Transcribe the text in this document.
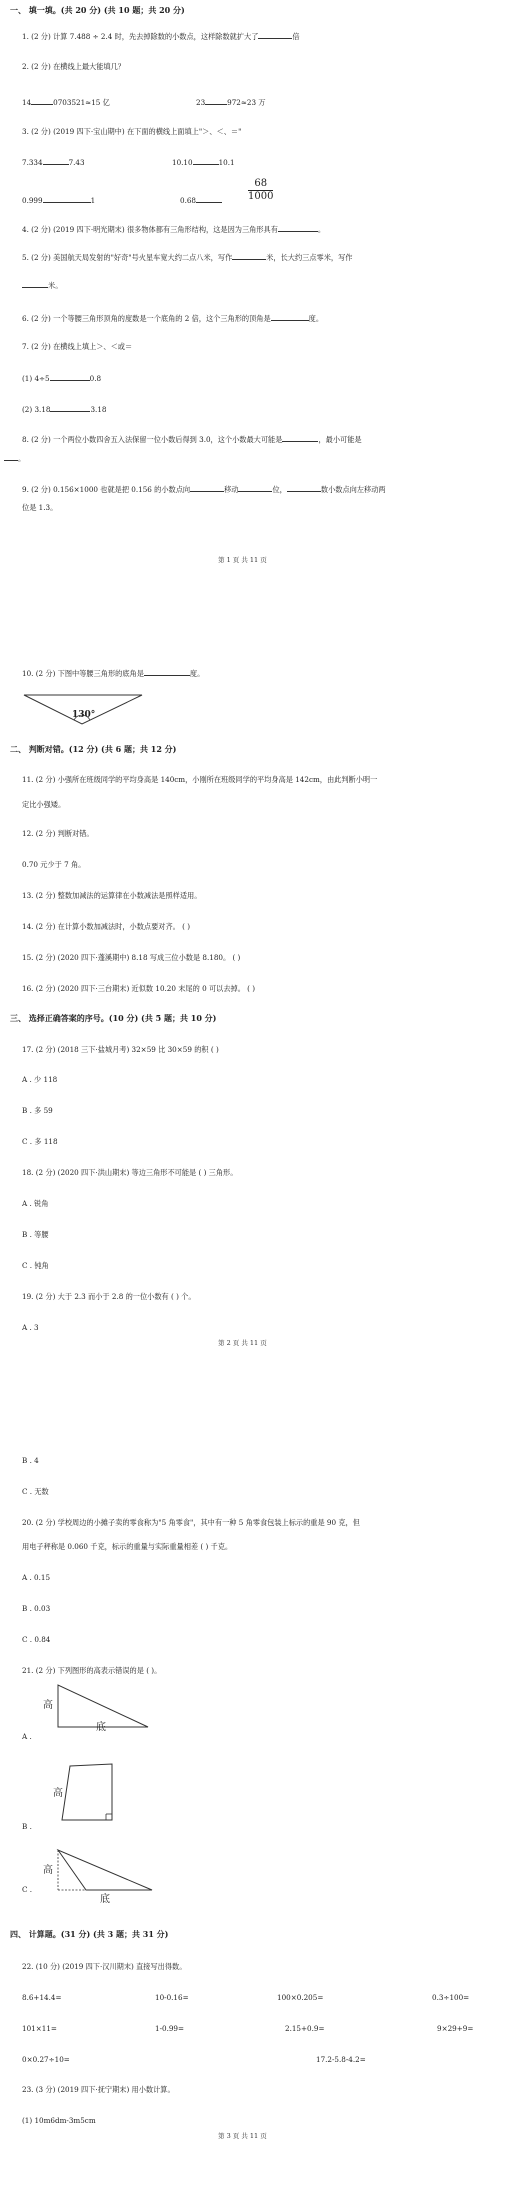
一、 填一填。(共 20 分) (共 10 题；共 20 分)
1. (2 分) 计算 7.488 ÷ 2.4 时，先去掉除数的小数点，这样除数就扩大了	倍
2. (2 分) 在横线上最大能填几？
14	0703521≈15 亿	23	972≈23 万
3. (2 分) (2019 四下·宝山期中) 在下面的横线上面填上"＞、＜、＝"
7.334	7.43	10.10	10.1
0.999	1	0.68
68
1000
4. (2 分) (2019 四下·明光期末) 很多物体都有三角形结构，这是因为三角形具有	。
5. (2 分) 美国航天局发射的"好奇"号火星车宽大约二点八米，写作	米，长大约三点零米，写作
米。
6. (2 分) 一个等腰三角形顶角的度数是一个底角的 2 倍，这个三角形的顶角是	度。
7. (2 分) 在横线上填上＞、＜或＝
(1) 4÷5	0.8
(2) 3.18	3.18
8. (2 分) 一个两位小数四舍五入法保留一位小数后得到 3.0，这个小数最大可能是	，最小可能是
。
9. (2 分) 0.156×1000 也就是把 0.156 的小数点向	移动	位，	数小数点向左移动两
位是 1.3。
第 1 页 共 11 页
10. (2 分) 下图中等腰三角形的底角是	度。
130°
二、 判断对错。(12 分) (共 6 题；共 12 分)
11. (2 分) 小强所在班级同学的平均身高是 140cm，小刚所在班级同学的平均身高是 142cm，由此判断小明一
定比小强矮。
12. (2 分) 判断对错。
0.70 元少于 7 角。
13. (2 分) 整数加减法的运算律在小数减法是照样适用。
14. (2 分) 在计算小数加减法时，小数点要对齐。 ( )
15. (2 分) (2020 四下·蓬溪期中) 8.18 写成三位小数是 8.180。 ( )
16. (2 分) (2020 四下·三台期末) 近似数 10.20 末尾的 0 可以去掉。 ( )
三、 选择正确答案的序号。(10 分) (共 5 题；共 10 分)
17. (2 分) (2018 三下·盐城月考) 32×59 比 30×59 的积 ( )
A . 少 118
B . 多 59
C . 多 118
18. (2 分) (2020 四下·洪山期末) 等边三角形不可能是 ( ) 三角形。
A . 锐角
B . 等腰
C . 钝角
19. (2 分) 大于 2.3 而小于 2.8 的一位小数有 ( ) 个。
A . 3
第 2 页 共 11 页
B . 4
C . 无数
20. (2 分) 学校周边的小摊子卖的零食称为"5 角零食"，其中有一种 5 角零食包装上标示的重是 90 克，但
用电子秤称是 0.060 千克，标示的重量与实际重量相差 ( ) 千克。
A . 0.15
B . 0.03
C . 0.84
21. (2 分) 下列图形的高表示错误的是 ( )。
高
底
A .
高
B .
高
底
C .
四、 计算题。(31 分) (共 3 题；共 31 分)
22. (10 分) (2019 四下·汉川期末) 直接写出得数。
8.6+14.4=	10-0.16=	100×0.205=	0.3÷100=
101×11=	1-0.99=	2.15+0.9=	9×29+9=
0×0.27÷10=	17.2-5.8-4.2=
23. (3 分) (2019 四下·抚宁期末) 用小数计算。
(1) 10m6dm-3m5cm
第 3 页 共 11 页
